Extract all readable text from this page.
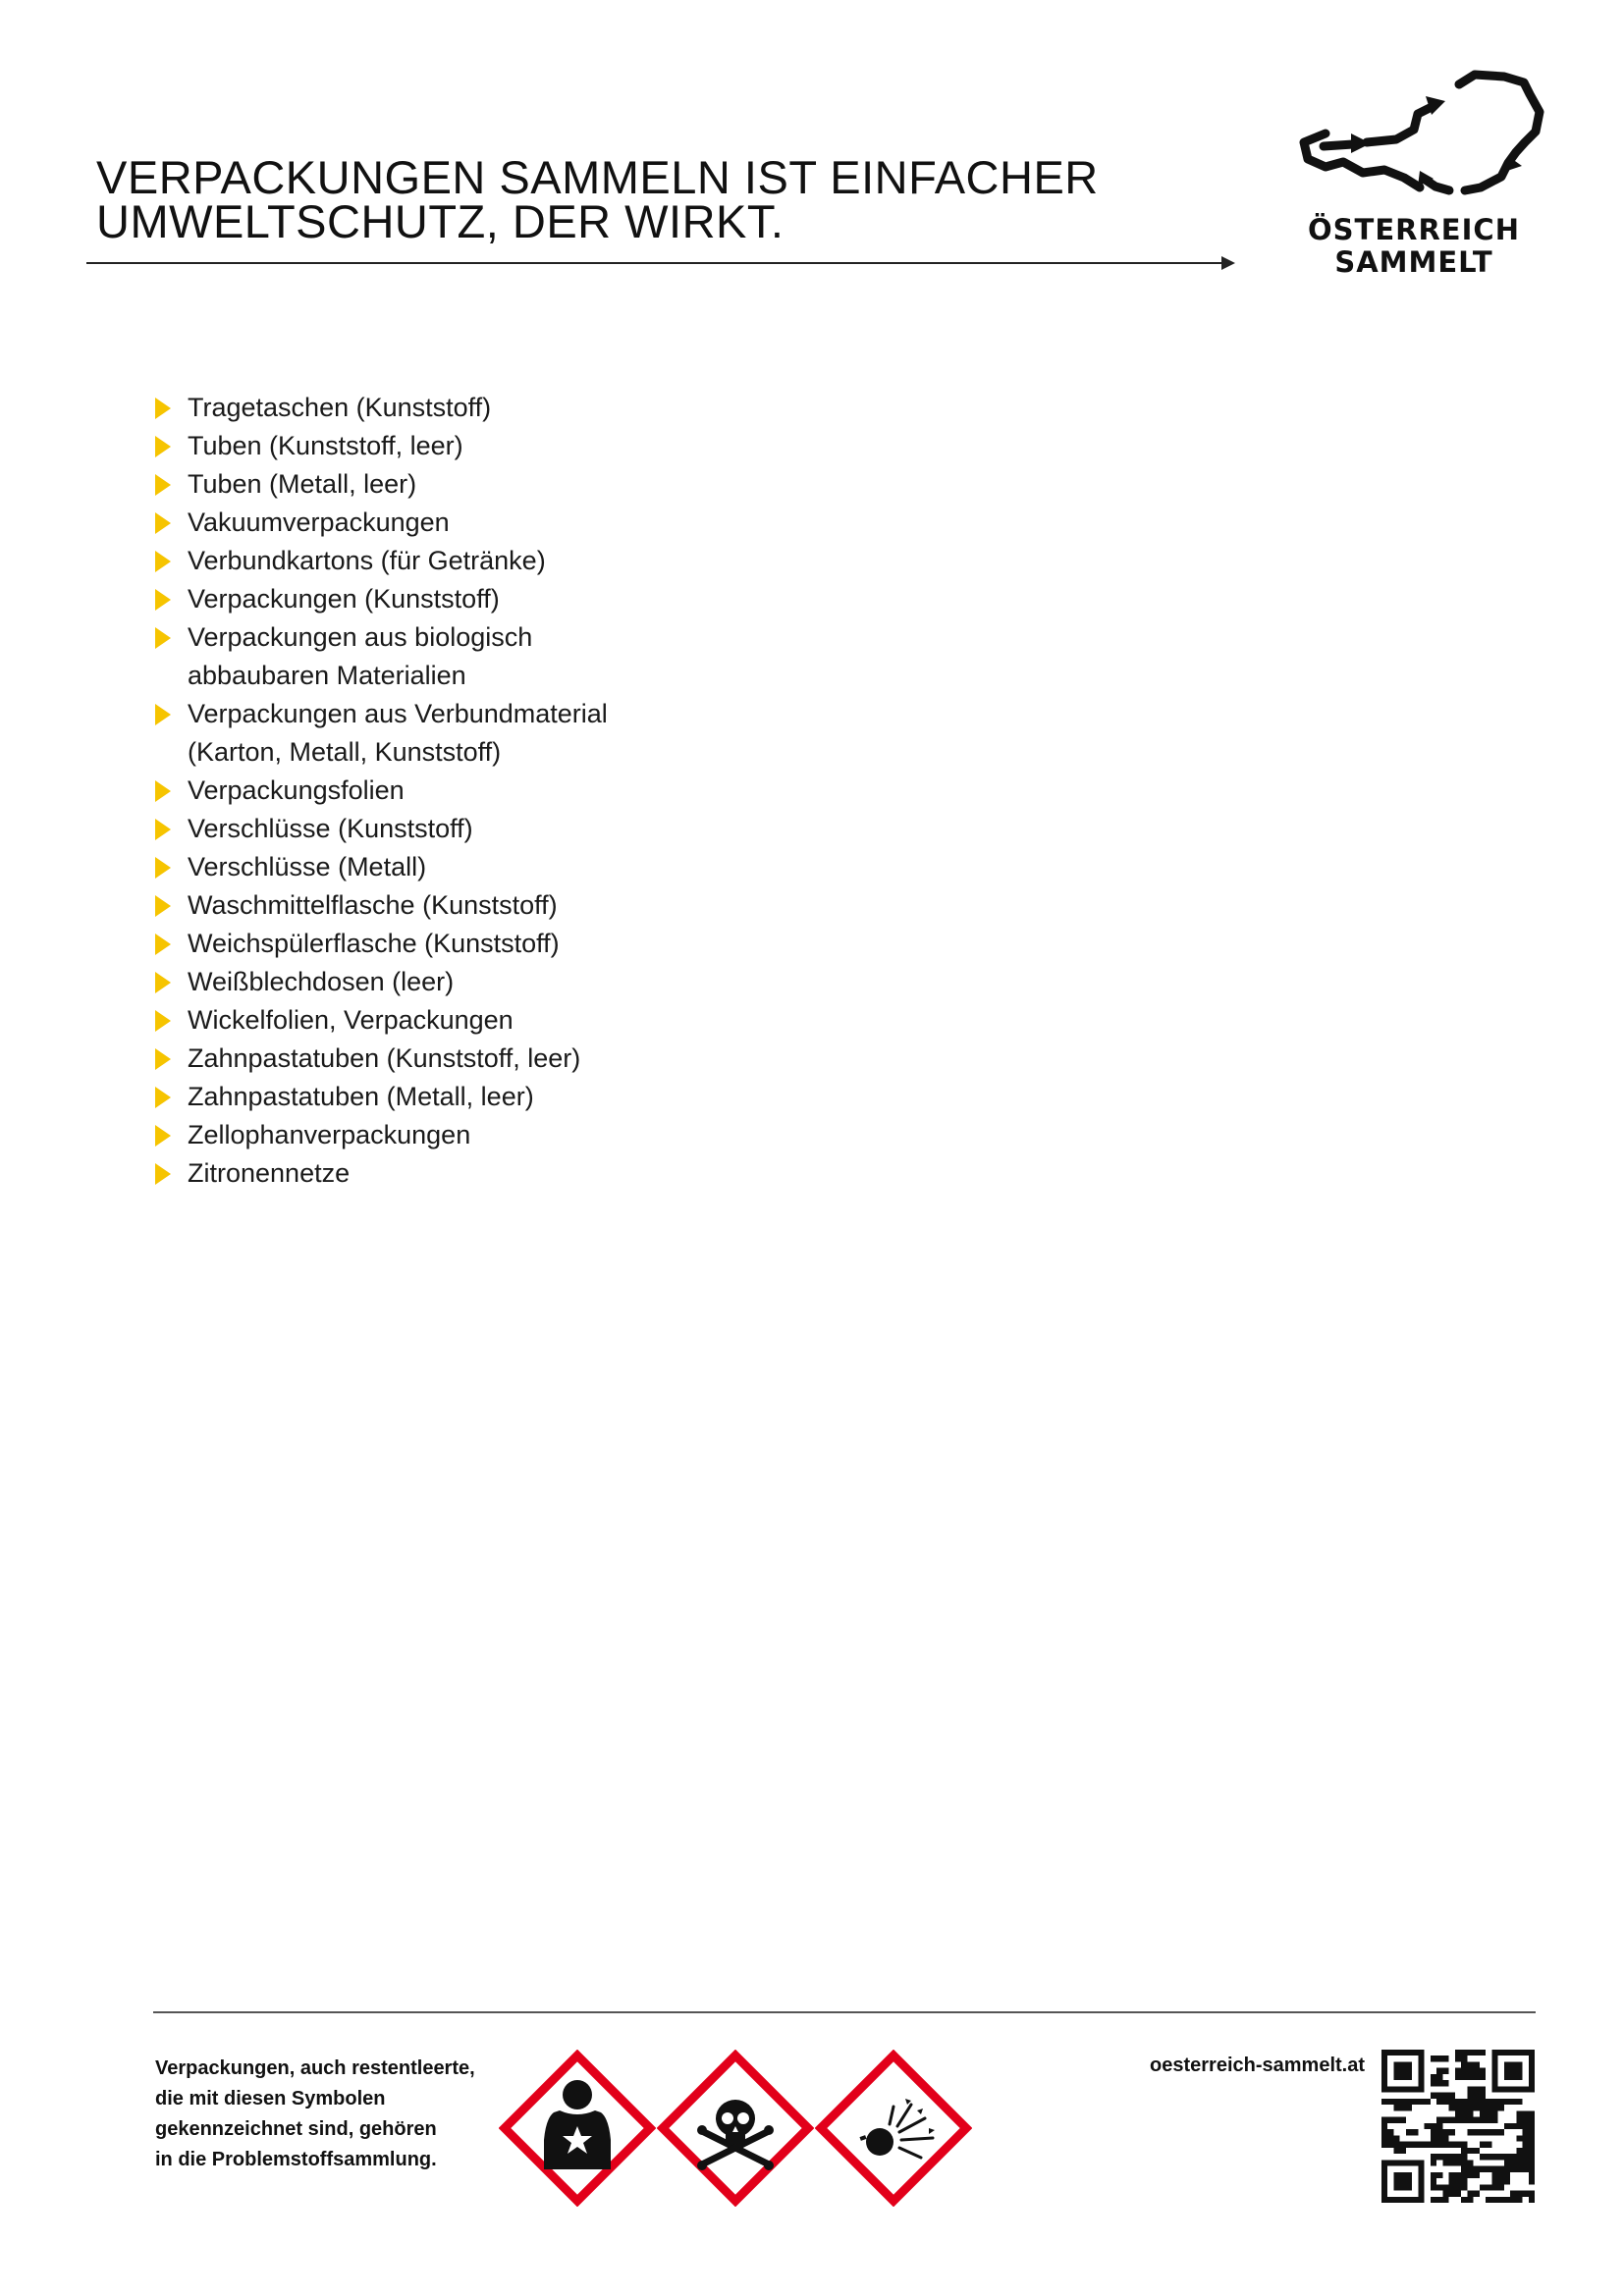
VERPACKUNGEN SAMMELN IST EINFACHER
UMWELTSCHUTZ, DER WIRKT.	ÖSTERREICH
SAMMELT
Tragetaschen (Kunststoff)
Tuben (Kunststoff, leer)
Tuben (Metall, leer)
Vakuumverpackungen
Verbundkartons (für Getränke)
Verpackungen (Kunststoff)
Verpackungen aus biologisch
abbaubaren Materialien
Verpackungen aus Verbundmaterial
(Karton, Metall, Kunststoff)
Verpackungsfolien
Verschlüsse (Kunststoff)
Verschlüsse (Metall)
Waschmittelflasche (Kunststoff)
Weichspülerflasche (Kunststoff)
Weißblechdosen (leer)
Wickelfolien, Verpackungen
Zahnpastatuben (Kunststoff, leer)
Zahnpastatuben (Metall, leer)
Zellophanverpackungen
Zitronennetze
Verpackungen, auch restentleerte,
die mit diesen Symbolen
gekennzeichnet sind, gehören
in die Problemstoffsammlung.
oesterreich-sammelt.at
